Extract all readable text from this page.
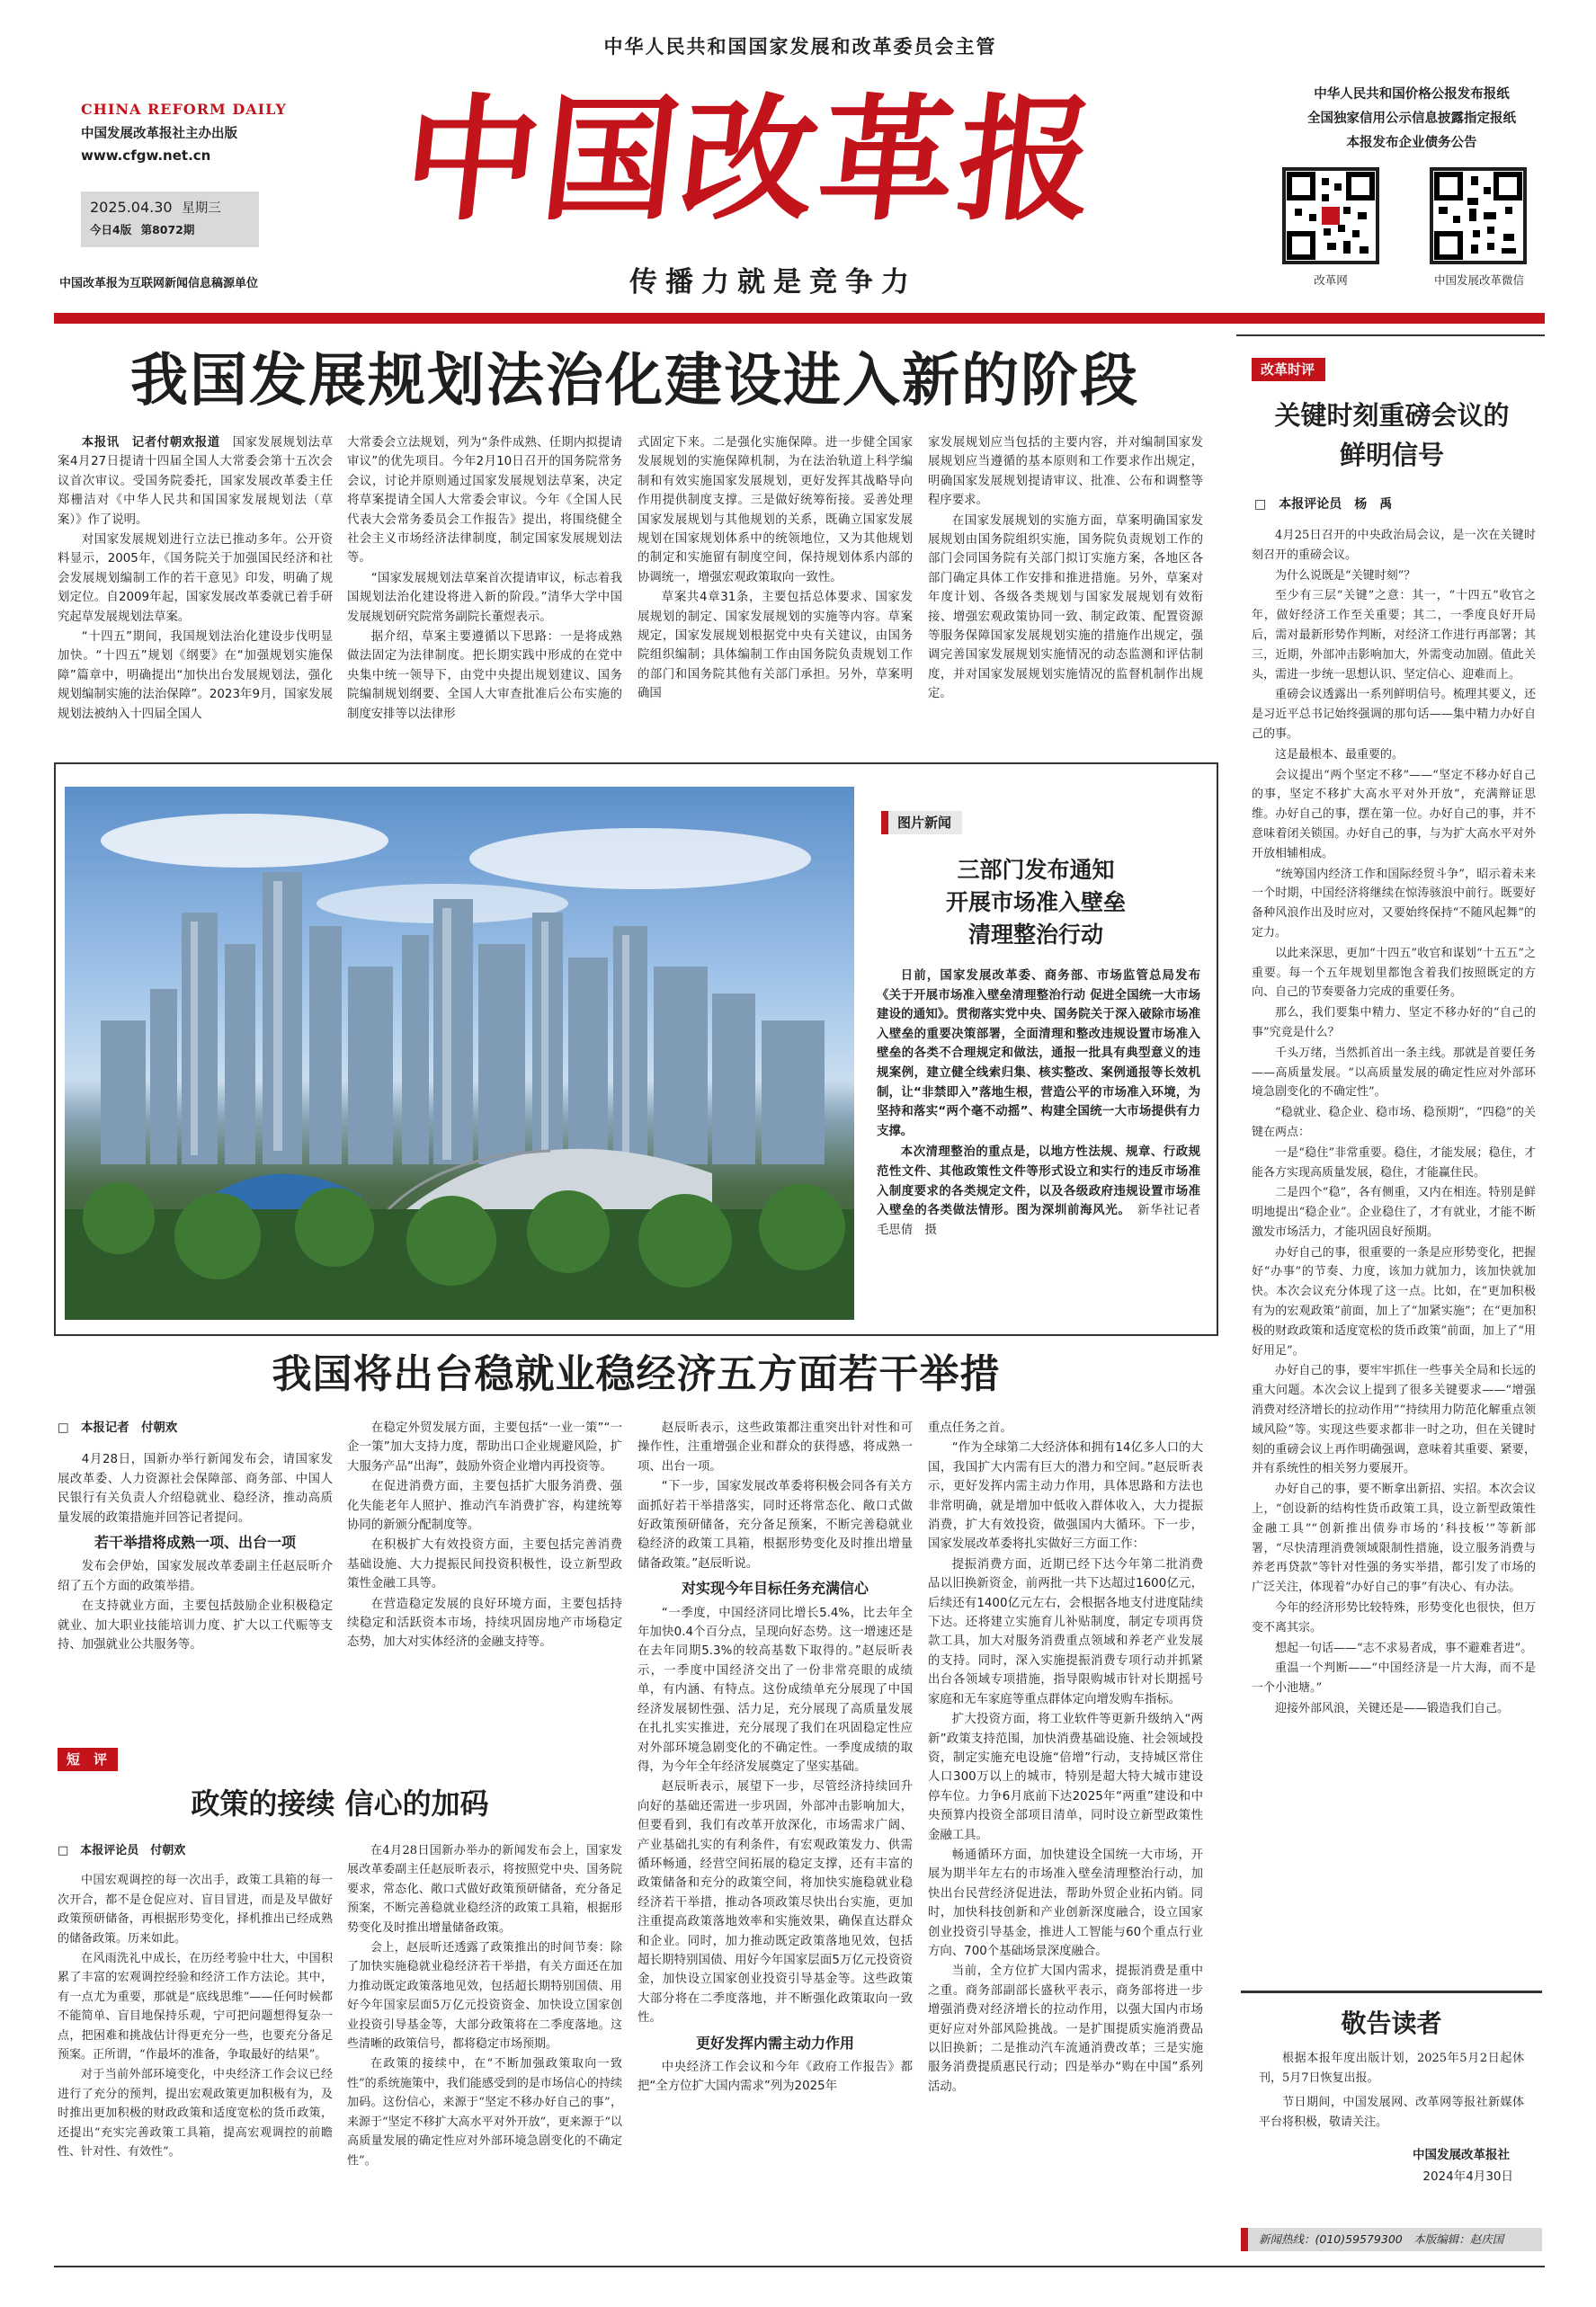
中华人民共和国国家发展和改革委员会主管
CHINA REFORM DAILY
中国发展改革报社主办出版
www.cfgw.net.cn
2025.04.30 星期三
今日4版 第8072期
中国改革报为互联网新闻信息稿源单位
中国改革报
传播力就是竞争力
中华人民共和国价格公报发布报纸
全国独家信用公示信息披露指定报纸
本报发布企业债务公告
改革网	中国发展改革微信
我国发展规划法治化建设进入新的阶段

本报讯　记者付朝欢报道　 国家发展规划法草案4月27日提请十四届全国人大常委会第十五次会议首次审议。受国务院委托，国家发展改革委主任郑栅洁对《中华人民共和国国家发展规划法（草案）》作了说明。

对国家发展规划进行立法已推动多年。公开资料显示，2005年，《国务院关于加强国民经济和社会发展规划编制工作的若干意见》印发，明确了规划定位。自2009年起，国家发展改革委就已着手研究起草发展规划法草案。

“十四五”期间，我国规划法治化建设步伐明显加快。“十四五”规划《纲要》在“加强规划实施保障”篇章中，明确提出“加快出台发展规划法，强化规划编制实施的法治保障”。2023年9月，国家发展规划法被纳入十四届全国人

大常委会立法规划，列为“条件成熟、任期内拟提请审议”的优先项目。今年2月10日召开的国务院常务会议，讨论并原则通过国家发展规划法草案，决定将草案提请全国人大常委会审议。今年《全国人民代表大会常务委员会工作报告》提出，将围绕健全社会主义市场经济法律制度，制定国家发展规划法等。

“国家发展规划法草案首次提请审议，标志着我国规划法治化建设将进入新的阶段。”清华大学中国发展规划研究院常务副院长董煜表示。

据介绍，草案主要遵循以下思路：一是将成熟做法固定为法律制度。把长期实践中形成的在党中央集中统一领导下，由党中央提出规划建议、国务院编制规划纲要、全国人大审查批准后公布实施的制度安排等以法律形

式固定下来。二是强化实施保障。进一步健全国家发展规划的实施保障机制，为在法治轨道上科学编制和有效实施国家发展规划，更好发挥其战略导向作用提供制度支撑。三是做好统筹衔接。妥善处理国家发展规划与其他规划的关系，既确立国家发展规划在国家规划体系中的统领地位，又为其他规划的制定和实施留有制度空间，保持规划体系内部的协调统一，增强宏观政策取向一致性。

草案共4章31条，主要包括总体要求、国家发展规划的制定、国家发展规划的实施等内容。草案规定，国家发展规划根据党中央有关建议，由国务院组织编制；具体编制工作由国务院负责规划工作的部门和国务院其他有关部门承担。另外，草案明确国

家发展规划应当包括的主要内容，并对编制国家发展规划应当遵循的基本原则和工作要求作出规定，明确国家发展规划提请审议、批准、公布和调整等程序要求。

在国家发展规划的实施方面，草案明确国家发展规划由国务院组织实施，国务院负责规划工作的部门会同国务院有关部门拟订实施方案，各地区各部门确定具体工作安排和推进措施。另外，草案对年度计划、各级各类规划与国家发展规划有效衔接、增强宏观政策协同一致、制定政策、配置资源等服务保障国家发展规划实施的措施作出规定，强调完善国家发展规划实施情况的动态监测和评估制度，并对国家发展规划实施情况的监督机制作出规定。

图片新闻
三部门发布通知
开展市场准入壁垒
清理整治行动

日前，国家发展改革委、商务部、市场监管总局发布《关于开展市场准入壁垒清理整治行动 促进全国统一大市场建设的通知》。贯彻落实党中央、国务院关于深入破除市场准入壁垒的重要决策部署，全面清理和整改违规设置市场准入壁垒的各类不合理规定和做法，通报一批具有典型意义的违规案例，建立健全线索归集、核实整改、案例通报等长效机制，让“非禁即入”落地生根，营造公平的市场准入环境，为坚持和落实“两个毫不动摇”、构建全国统一大市场提供有力支撑。

本次清理整治的重点是，以地方性法规、规章、行政规范性文件、其他政策性文件等形式设立和实行的违反市场准入制度要求的各类规定文件，以及各级政府违规设置市场准入壁垒的各类做法情形。图为深圳前海风光。　 新华社记者　毛思倩　摄

我国将出台稳就业稳经济五方面若干举措

□　本报记者　付朝欢

4月28日，国新办举行新闻发布会，请国家发展改革委、人力资源社会保障部、商务部、中国人民银行有关负责人介绍稳就业、稳经济，推动高质量发展的政策措施并回答记者提问。

若干举措将成熟一项、出台一项

发布会伊始，国家发展改革委副主任赵辰昕介绍了五个方面的政策举措。

在支持就业方面，主要包括鼓励企业积极稳定就业、加大职业技能培训力度、扩大以工代赈等支持、加强就业公共服务等。

在稳定外贸发展方面，主要包括“一业一策”“一企一策”加大支持力度，帮助出口企业规避风险，扩大服务产品“出海”，鼓励外资企业增内再投资等。

在促进消费方面，主要包括扩大服务消费、强化失能老年人照护、推动汽车消费扩容，构建统筹协同的新颁分配制度等。

在积极扩大有效投资方面，主要包括完善消费基础设施、大力提振民间投资积极性，设立新型政策性金融工具等。

在营造稳定发展的良好环境方面，主要包括持续稳定和活跃资本市场，持续巩固房地产市场稳定态势，加大对实体经济的金融支持等。

赵辰昕表示，这些政策都注重突出针对性和可操作性，注重增强企业和群众的获得感，将成熟一项、出台一项。

“下一步，国家发展改革委将积极会同各有关方面抓好若干举措落实，同时还将常态化、敞口式做好政策预研储备，充分备足预案，不断完善稳就业稳经济的政策工具箱，根据形势变化及时推出增量储备政策。”赵辰昕说。

对实现今年目标任务充满信心

“一季度，中国经济同比增长5.4%，比去年全年加快0.4个百分点，呈现向好态势。这一增速还是在去年同期5.3%的较高基数下取得的。”赵辰昕表示，一季度中国经济交出了一份非常亮眼的成绩单，有内涵、有特点。这份成绩单充分展现了中国经济发展韧性强、活力足，充分展现了高质量发展在扎扎实实推进，充分展现了我们在巩固稳定性应对外部环境急剧变化的不确定性。一季度成绩的取得，为今年全年经济发展奠定了坚实基础。

赵辰昕表示，展望下一步，尽管经济持续回升向好的基础还需进一步巩固，外部冲击影响加大，但要看到，我们有改革开放深化，市场需求广阔、产业基础扎实的有利条件，有宏观政策发力、供需循环畅通，经营空间拓展的稳定支撑，还有丰富的政策储备和充分的政策空间，将加快实施稳就业稳经济若干举措，推动各项政策尽快出台实施，更加注重提高政策落地效率和实施效果，确保直达群众和企业。同时，加力推动既定政策落地见效，包括超长期特别国债、用好今年国家层面5万亿元投资资金，加快设立国家创业投资引导基金等。这些政策大部分将在二季度落地，并不断强化政策取向一致性。

更好发挥内需主动力作用

中央经济工作会议和今年《政府工作报告》都把“全方位扩大国内需求”列为2025年

重点任务之首。

“作为全球第二大经济体和拥有14亿多人口的大国，我国扩大内需有巨大的潜力和空间。”赵辰昕表示，更好发挥内需主动力作用，具体思路和方法也非常明确，就是增加中低收入群体收入，大力提振消费，扩大有效投资，做强国内大循环。下一步，国家发展改革委将扎实做好三方面工作：

提振消费方面，近期已经下达今年第二批消费品以旧换新资金，前两批一共下达超过1600亿元，后续还有1400亿元左右，会根据各地支付进度陆续下达。还将建立实施育儿补贴制度，制定专项再贷款工具，加大对服务消费重点领域和养老产业发展的支持。同时，深入实施提振消费专项行动并抓紧出台各领域专项措施，指导限购城市针对长期摇号家庭和无车家庭等重点群体定向增发购车指标。

扩大投资方面，将工业软件等更新升级纳入“两新”政策支持范围，加快消费基础设施、社会领域投资，制定实施充电设施“倍增”行动，支持城区常住人口300万以上的城市，特别是超大特大城市建设停车位。力争6月底前下达2025年“两重”建设和中央预算内投资全部项目清单，同时设立新型政策性金融工具。

畅通循环方面，加快建设全国统一大市场，开展为期半年左右的市场准入壁垒清理整治行动，加快出台民营经济促进法，帮助外贸企业拓内销。同时，加快科技创新和产业创新深度融合，设立国家创业投资引导基金，推进人工智能与60个重点行业方向、700个基础场景深度融合。

当前，全方位扩大国内需求，提振消费是重中之重。商务部副部长盛秋平表示，商务部将进一步增强消费对经济增长的拉动作用，以强大国内市场更好应对外部风险挑战。一是扩围提质实施消费品以旧换新；二是推动汽车流通消费改革；三是实施服务消费提质惠民行动；四是举办“购在中国”系列活动。

短　评
政策的接续 信心的加码

□　本报评论员　付朝欢

中国宏观调控的每一次出手，政策工具箱的每一次开合，都不是仓促应对、盲目冒进，而是及早做好政策预研储备，再根据形势变化，择机推出已经成熟的储备政策。历来如此。

在风雨洗礼中成长，在历经考验中壮大，中国积累了丰富的宏观调控经验和经济工作方法论。其中，有一点尤为重要，那就是“底线思维”——任何时候都不能简单、盲目地保持乐观，宁可把问题想得复杂一点，把困难和挑战估计得更充分一些，也要充分备足预案。正所谓，“作最坏的准备，争取最好的结果”。

对于当前外部环境变化，中央经济工作会议已经进行了充分的预判，提出宏观政策更加积极有为，及时推出更加积极的财政政策和适度宽松的货币政策，还提出“充实完善政策工具箱，提高宏观调控的前瞻性、针对性、有效性”。

在4月28日国新办举办的新闻发布会上，国家发展改革委副主任赵辰昕表示，将按照党中央、国务院要求，常态化、敞口式做好政策预研储备，充分备足预案，不断完善稳就业稳经济的政策工具箱，根据形势变化及时推出增量储备政策。

会上，赵辰昕还透露了政策推出的时间节奏：除了加快实施稳就业稳经济若干举措，有关方面还在加力推动既定政策落地见效，包括超长期特别国债、用好今年国家层面5万亿元投资资金、加快设立国家创业投资引导基金等，大部分政策将在二季度落地。这些清晰的政策信号，都将稳定市场预期。

在政策的接续中，在“不断加强政策取向一致性”的系统施策中，我们能感受到的是市场信心的持续加码。这份信心，来源于“坚定不移办好自己的事”，来源于“坚定不移扩大高水平对外开放”，更来源于“以高质量发展的确定性应对外部环境急剧变化的不确定性”。

改革时评
关键时刻重磅会议的
鲜明信号
□　本报评论员　杨　禹

4月25日召开的中央政治局会议，是一次在关键时刻召开的重磅会议。

为什么说既是“关键时刻”？

至少有三层“关键”之意：其一，“十四五”收官之年，做好经济工作至关重要；其二，一季度良好开局后，需对最新形势作判断，对经济工作进行再部署；其三，近期，外部冲击影响加大，外需变动加剧。值此关头，需进一步统一思想认识、坚定信心、迎难而上。

重磅会议透露出一系列鲜明信号。梳理其要义，还是习近平总书记始终强调的那句话——集中精力办好自己的事。

这是最根本、最重要的。

会议提出“两个坚定不移”——“坚定不移办好自己的事，坚定不移扩大高水平对外开放”，充满辩证思维。办好自己的事，摆在第一位。办好自己的事，并不意味着闭关锁国。办好自己的事，与为扩大高水平对外开放相辅相成。

“统筹国内经济工作和国际经贸斗争”，昭示着未来一个时期，中国经济将继续在惊涛骇浪中前行。既要好备种风浪作出及时应对，又要始终保持“不随风起舞”的定力。

以此来深思，更加“十四五”收官和谋划“十五五”之重要。每一个五年规划里都饱含着我们按照既定的方向、自己的节奏要备力完成的重要任务。

那么，我们要集中精力、坚定不移办好的“自己的事”究竟是什么？

千头万绪，当然抓首出一条主线。那就是首要任务——高质量发展。“以高质量发展的确定性应对外部环境急剧变化的不确定性”。

“稳就业、稳企业、稳市场、稳预期”，“四稳”的关键在两点：

一是“稳住”非常重要。稳住，才能发展；稳住，才能各方实现高质量发展，稳住，才能赢住民。

二是四个“稳”，各有侧重，又内在相连。特别是鲜明地提出“稳企业”。企业稳住了，才有就业，才能不断激发市场活力，才能巩固良好预期。

办好自己的事，很重要的一条是应形势变化，把握好“办事”的节奏、力度，该加力就加力，该加快就加快。本次会议充分体现了这一点。比如，在“更加积极有为的宏观政策”前面，加上了“加紧实施”；在“更加积极的财政政策和适度宽松的货币政策”前面，加上了“用好用足”。

办好自己的事，要牢牢抓住一些事关全局和长远的重大问题。本次会议上提到了很多关键要求——“增强消费对经济增长的拉动作用”“持续用力防范化解重点领域风险”等。实现这些要求都非一时之功，但在关键时刻的重磅会议上再作明确强调，意味着其重要、紧要，并有系统性的相关努力要展开。

办好自己的事，要不断拿出新招、实招。本次会议上，“创设新的结构性货币政策工具，设立新型政策性金融工具”“创新推出债券市场的‘科技板’”等新部署，“尽快清理消费领域限制性措施，设立服务消费与养老再贷款”等针对性强的务实举措，都引发了市场的广泛关注，体现着“办好自己的事”有决心、有办法。

今年的经济形势比较特殊，形势变化也很快，但万变不离其宗。

想起一句话——“志不求易者成，事不避难者进”。

重温一个判断——“中国经济是一片大海，而不是一个小池塘。”

迎接外部风浪，关键还是——锻造我们自己。

敬告读者

根据本报年度出版计划，2025年5月2日起休刊，5月7日恢复出报。

节日期间，中国发展网、改革网等报社新媒体平台将积极，敬请关注。

中国发展改革报社
2024年4月30日
新闻热线：(010)59579300　本版编辑：赵庆国
